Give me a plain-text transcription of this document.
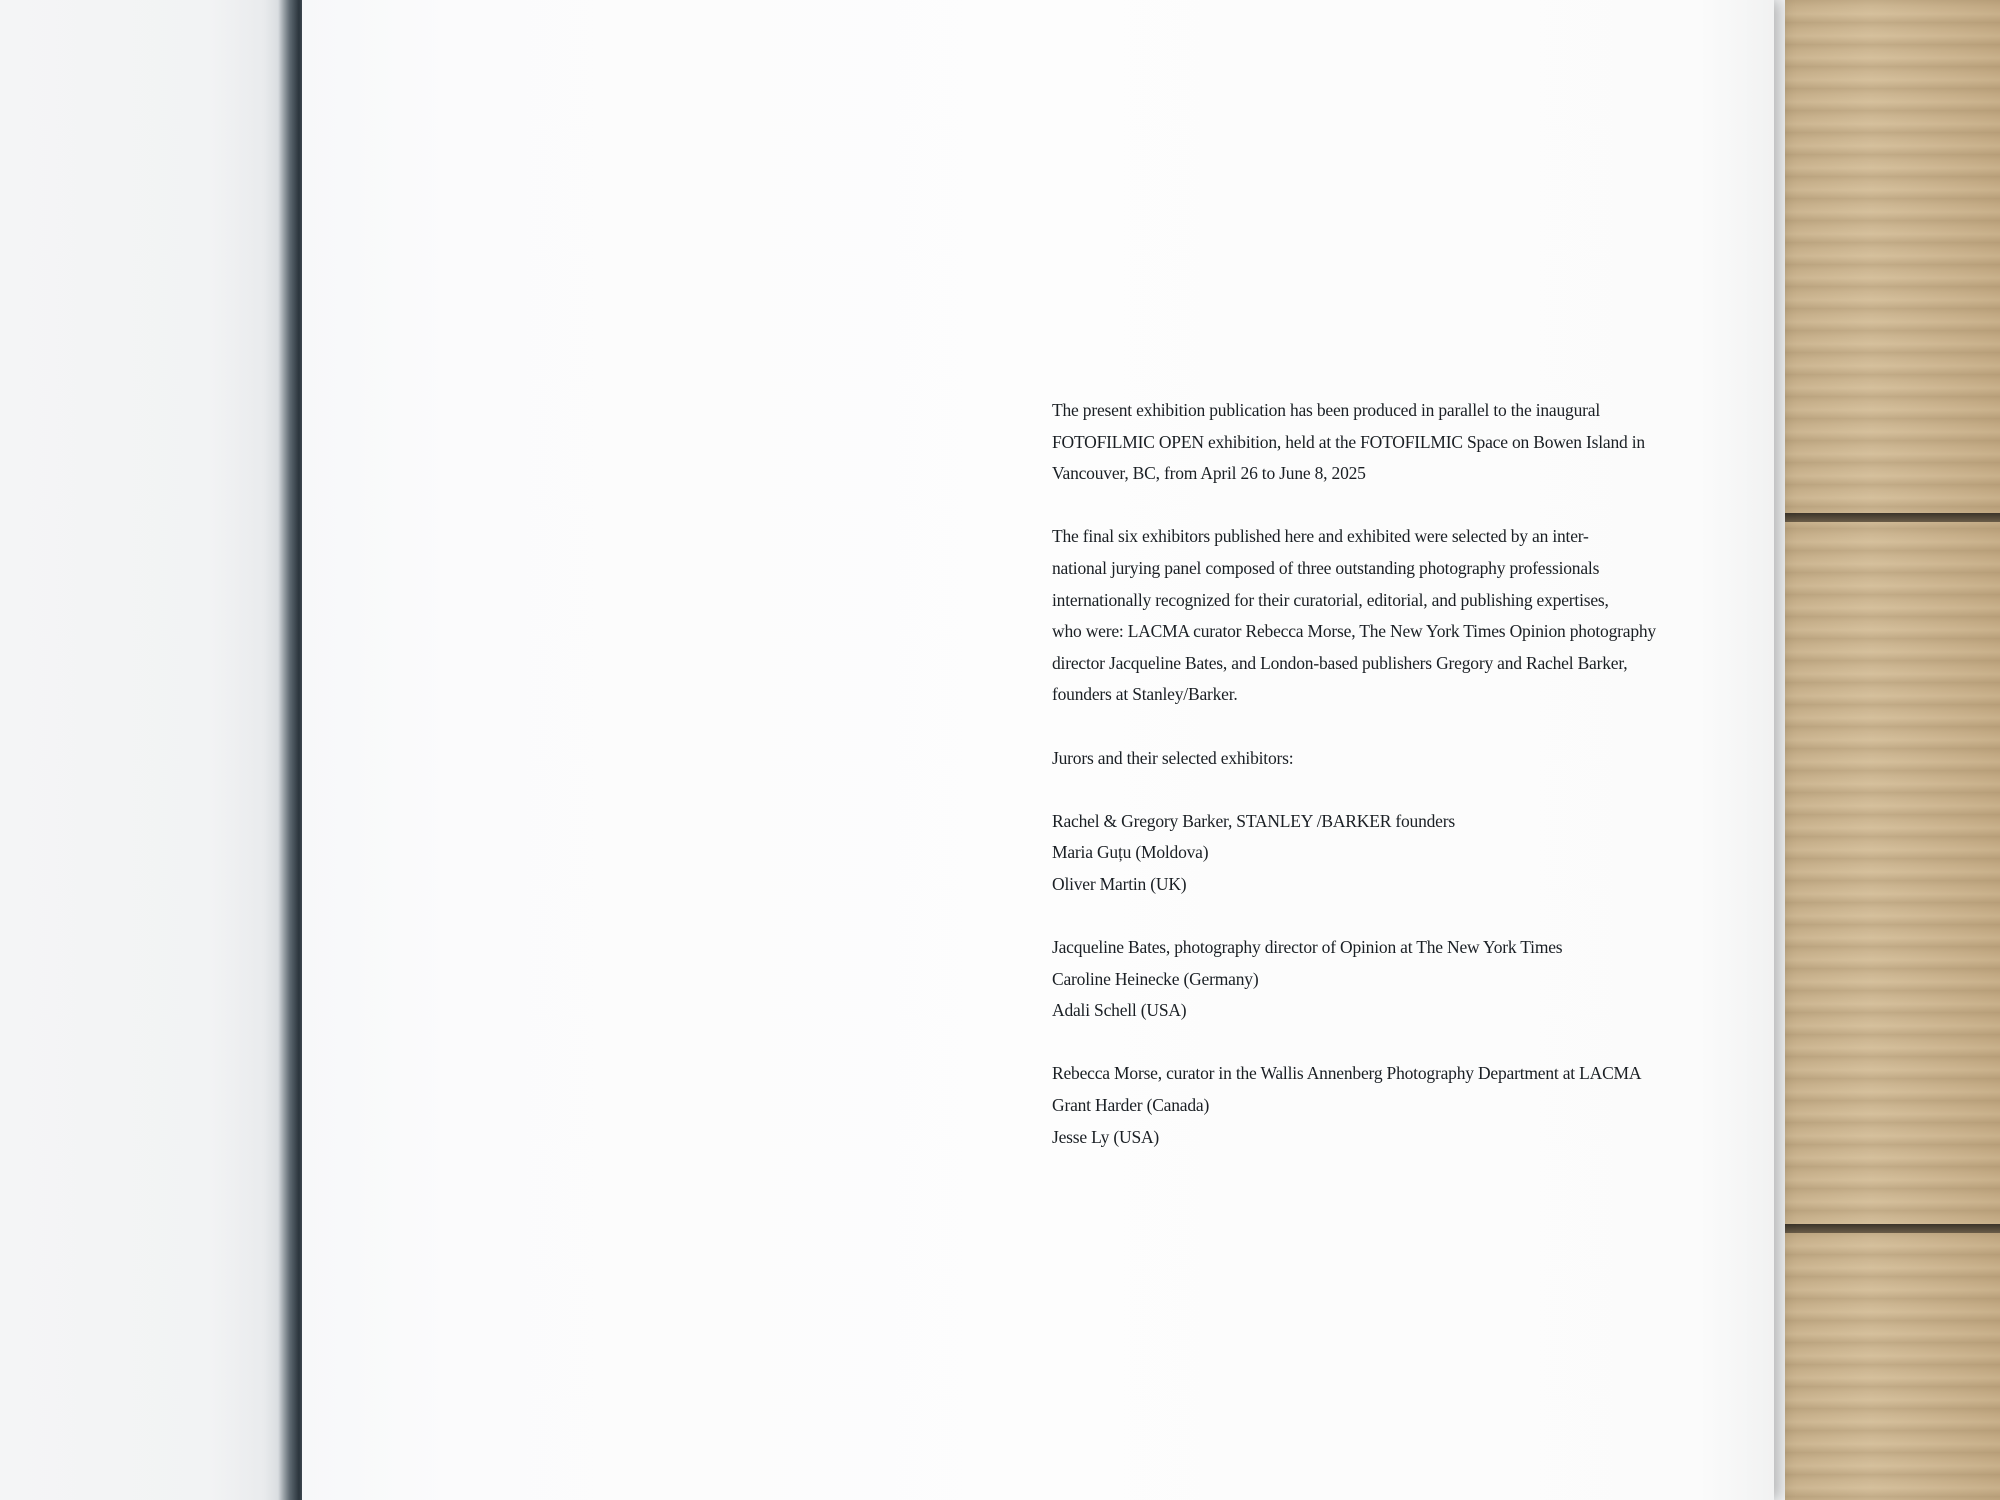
The present exhibition publication has been produced in parallel to the inaugural
FOTOFILMIC OPEN exhibition, held at the FOTOFILMIC Space on Bowen Island in
Vancouver, BC, from April 26 to June 8, 2025

The final six exhibitors published here and exhibited were selected by an inter-
national jurying panel composed of three outstanding photography professionals
internationally recognized for their curatorial, editorial, and publishing expertises,
who were: LACMA curator Rebecca Morse, The New York Times Opinion photography
director Jacqueline Bates, and London-based publishers Gregory and Rachel Barker,
founders at Stanley/Barker.

Jurors and their selected exhibitors:

Rachel & Gregory Barker, STANLEY /BARKER founders
Maria Guțu (Moldova)
Oliver Martin (UK)
Jacqueline Bates, photography director of Opinion at The New York Times
Caroline Heinecke (Germany)
Adali Schell (USA)
Rebecca Morse, curator in the Wallis Annenberg Photography Department at LACMA
Grant Harder (Canada)
Jesse Ly (USA)
